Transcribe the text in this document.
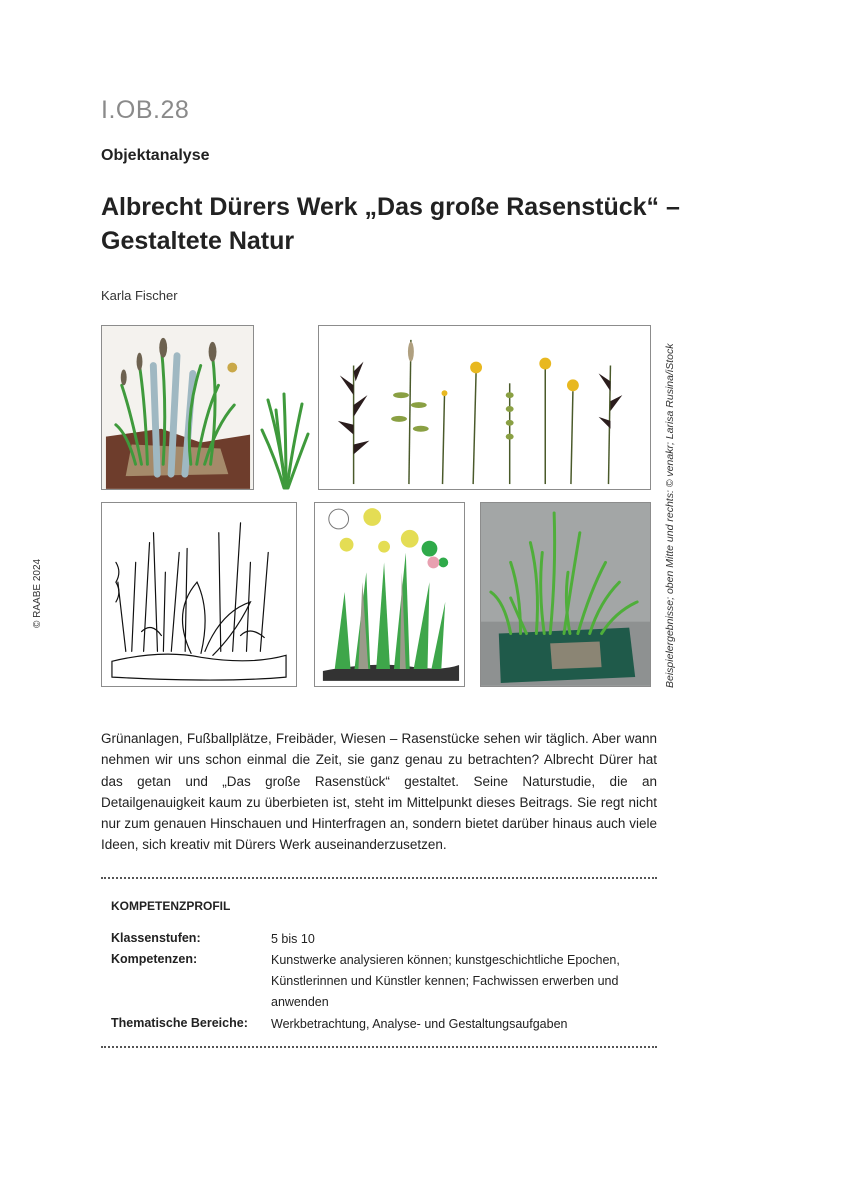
I.OB.28
Objektanalyse
Albrecht Dürers Werk „Das große Rasenstück“ –
Gestaltete Natur
Karla Fischer
© RAABE 2024	Beispielergebnisse; oben Mitte und rechts: © venakr; Larisa Rusina/iStock

Grünanlagen, Fußballplätze, Freibäder, Wiesen – Rasenstücke sehen wir täglich. Aber wann nehmen wir uns schon einmal die Zeit, sie ganz genau zu betrachten? Albrecht Dürer hat das getan und „Das große Rasenstück“ gestaltet. Seine Naturstudie, die an Detailgenauigkeit kaum zu überbieten ist, steht im Mittelpunkt dieses Beitrags. Sie regt nicht nur zum genauen Hinschauen und Hinterfragen an, sondern bietet darüber hinaus auch viele Ideen, sich kreativ mit Dürers Werk auseinanderzusetzen.

KOMPETENZPROFIL
Klassenstufen:	5 bis 10
Kompetenzen:	Kunstwerke analysieren können; kunstgeschichtliche Epochen, Künstlerinnen und Künstler kennen; Fachwissen erwerben und anwenden
Thematische Bereiche: Werkbetrachtung, Analyse- und Gestaltungsaufgaben
